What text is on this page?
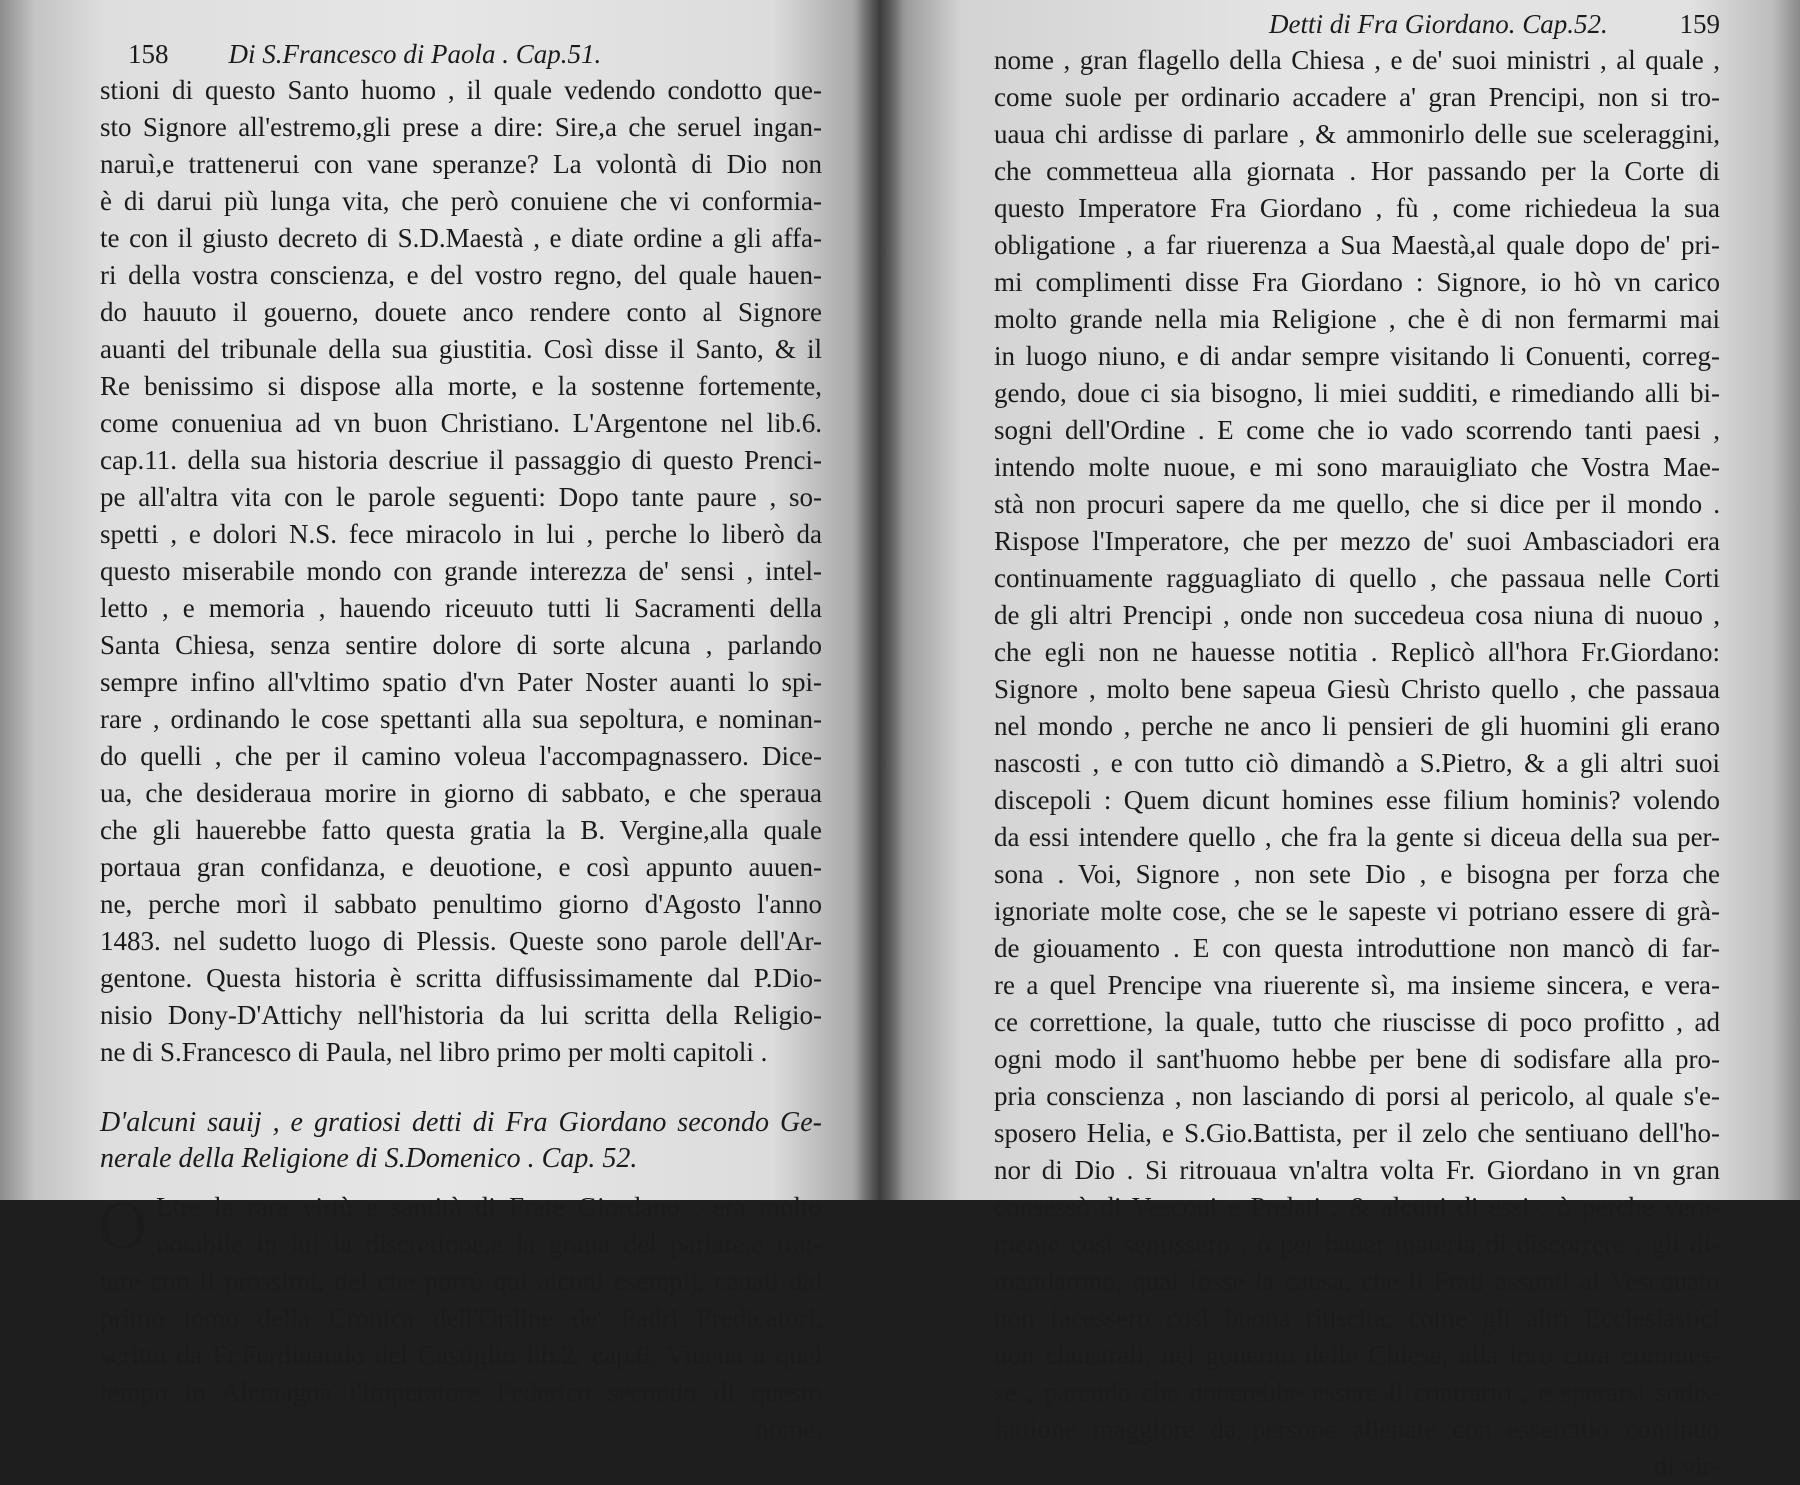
158 Di S.Francesco di Paola . Cap.51.
stioni di questo Santo huomo , il quale vedendo condotto que-
sto Signore all'estremo,gli prese a dire: Sire,a che seruel ingan-
naruì,e trattenerui con vane speranze? La volontà di Dio non
è di darui più lunga vita, che però conuiene che vi conformia-
te con il giusto decreto di S.D.Maestà , e diate ordine a gli affa-
ri della vostra conscienza, e del vostro regno, del quale hauen-
do hauuto il gouerno, douete anco rendere conto al Signore
auanti del tribunale della sua giustitia. Così disse il Santo, & il
Re benissimo si dispose alla morte, e la sostenne fortemente,
come conueniua ad vn buon Christiano. L'Argentone nel lib.6.
cap.11. della sua historia descriue il passaggio di questo Prenci-
pe all'altra vita con le parole seguenti: Dopo tante paure , so-
spetti , e dolori N.S. fece miracolo in lui , perche lo liberò da
questo miserabile mondo con grande interezza de' sensi , intel-
letto , e memoria , hauendo riceuuto tutti li Sacramenti della
Santa Chiesa, senza sentire dolore di sorte alcuna , parlando
sempre infino all'vltimo spatio d'vn Pater Noster auanti lo spi-
rare , ordinando le cose spettanti alla sua sepoltura, e nominan-
do quelli , che per il camino voleua l'accompagnassero. Dice-
ua, che desideraua morire in giorno di sabbato, e che speraua
che gli hauerebbe fatto questa gratia la B. Vergine,alla quale
portaua gran confidanza, e deuotione, e così appunto auuen-
ne, perche morì il sabbato penultimo giorno d'Agosto l'anno
1483. nel sudetto luogo di Plessis. Queste sono parole dell'Ar-
gentone. Questa historia è scritta diffusissimamente dal P.Dio-
nisio Dony-D'Attichy nell'historia da lui scritta della Religio-
ne di S.Francesco di Paula, nel libro primo per molti capitoli .
D'alcuni sauij , e gratiosi detti di Fra Giordano secondo Ge-
nerale della Religione di S.Domenico . Cap. 52.
O Ltre la rara virtù e santità di Frate Giordano , era molto
notabile in lui la discretione,e la gratia del parlare,e trat-
tare con li prossimi, del che porrò qui alcuni esempij, cauati dal
primo tomo della Cronica dell'Ordine de' Padri Predicatori,
scritta da Fr.Ferdinando del Castiglio lib.2. cap.6. Viueua a quel
tempo in Alemagna l'Imperatore Federico secondo di questo
nome,
Detti di Fra Giordano. Cap.52.	159
nome , gran flagello della Chiesa , e de' suoi ministri , al quale ,
come suole per ordinario accadere a' gran Prencipi, non si tro-
uaua chi ardisse di parlare , & ammonirlo delle sue sceleraggini,
che commetteua alla giornata . Hor passando per la Corte di
questo Imperatore Fra Giordano , fù , come richiedeua la sua
obligatione , a far riuerenza a Sua Maestà,al quale dopo de' pri-
mi complimenti disse Fra Giordano : Signore, io hò vn carico
molto grande nella mia Religione , che è di non fermarmi mai
in luogo niuno, e di andar sempre visitando li Conuenti, correg-
gendo, doue ci sia bisogno, li miei sudditi, e rimediando alli bi-
sogni dell'Ordine . E come che io vado scorrendo tanti paesi ,
intendo molte nuoue, e mi sono marauigliato che Vostra Mae-
stà non procuri sapere da me quello, che si dice per il mondo .
Rispose l'Imperatore, che per mezzo de' suoi Ambasciadori era
continuamente ragguagliato di quello , che passaua nelle Corti
de gli altri Prencipi , onde non succedeua cosa niuna di nuouo ,
che egli non ne hauesse notitia . Replicò all'hora Fr.Giordano:
Signore , molto bene sapeua Giesù Christo quello , che passaua
nel mondo , perche ne anco li pensieri de gli huomini gli erano
nascosti , e con tutto ciò dimandò a S.Pietro, & a gli altri suoi
discepoli : Quem dicunt homines esse filium hominis? volendo
da essi intendere quello , che fra la gente si diceua della sua per-
sona . Voi, Signore , non sete Dio , e bisogna per forza che
ignoriate molte cose, che se le sapeste vi potriano essere di grà-
de giouamento . E con questa introduttione non mancò di far-
re a quel Prencipe vna riuerente sì, ma insieme sincera, e vera-
ce correttione, la quale, tutto che riuscisse di poco profitto , ad
ogni modo il sant'huomo hebbe per bene di sodisfare alla pro-
pria conscienza , non lasciando di porsi al pericolo, al quale s'e-
sposero Helia, e S.Gio.Battista, per il zelo che sentiuano dell'ho-
nor di Dio . Si ritrouaua vn'altra volta Fr. Giordano in vn gran
consessò di Vescoui e Prelati , & alcuni di essi , ò perche vera-
mente così sentissero , ò per hauer materia di discorrere , gli di-
mandarono, qual fosse la causa, che li Frati assunti al Vescouato
non facessero così buona riuscita; come gli altri Ecclesiastici
non claustrali, nel gouerno delle Chiese, alla loro cura commes-
se , parendo che douerebbe essere il contrario , e sperarsi sodis-
fattione maggiore da persone allenate con essercitio continuo
di vir-
